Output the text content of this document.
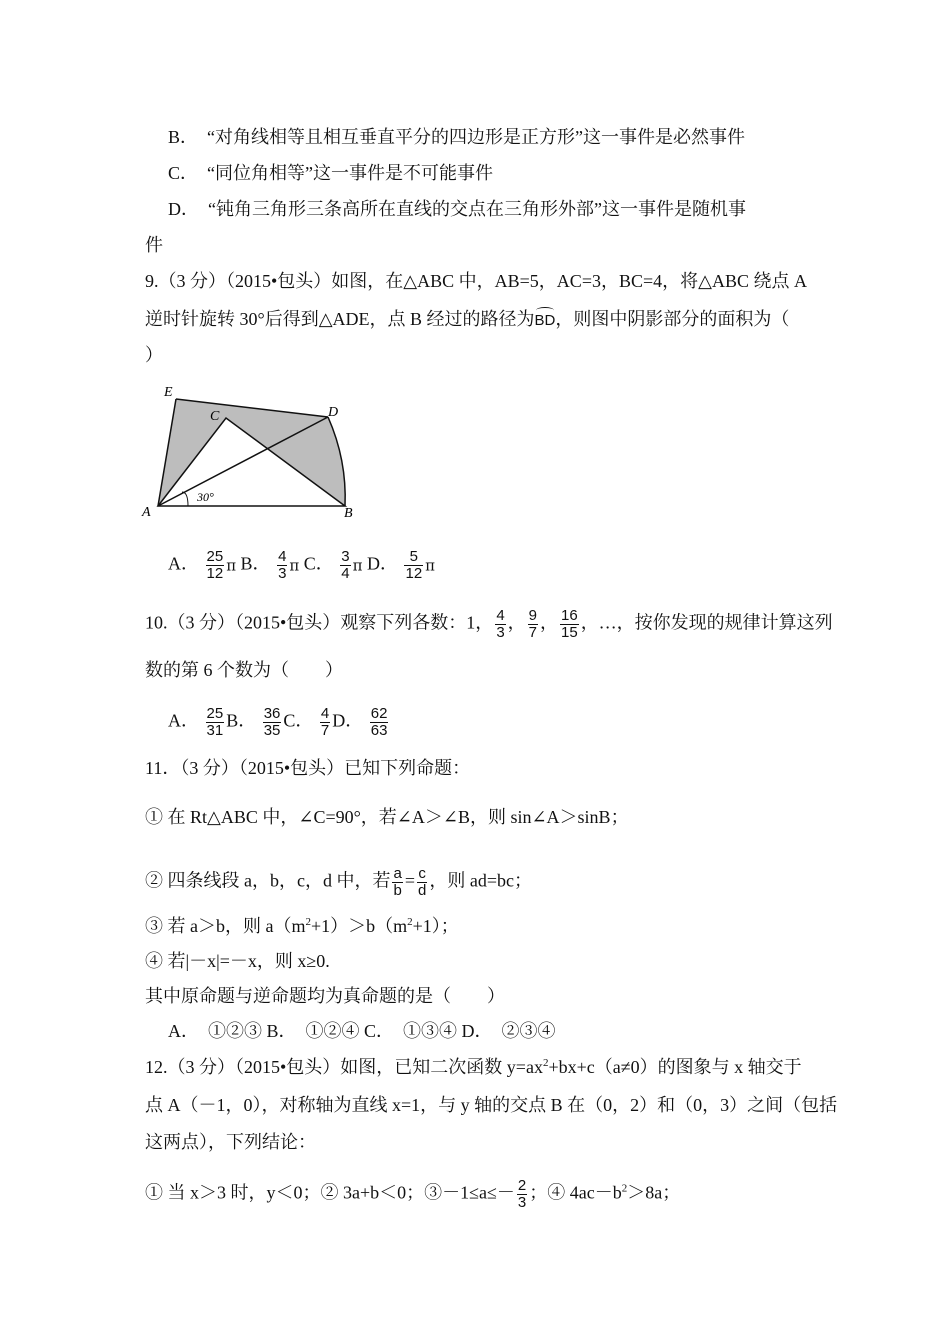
B．　“对角线相等且相互垂直平分的四边形是正方形”这一事件是必然事件
C．　“同位角相等”这一事件是不可能事件
D．　“钝角三角形三条高所在直线的交点在三角形外部”这一事件是随机事
件
9.（3 分）（2015•包头）如图，在△ABC 中，AB=5，AC=3，BC=4，将△ABC 绕点 A
逆时针旋转 30°后得到△ADE，点 B 经过的路径为BD，则图中阴影部分的面积为（
）
E
C	D
A	B
30°
A． $\frac{25}{12}$ π B． $\frac{4}{3}$ π C． $\frac{3}{4}$ π D． $\frac{5}{12}$ π
10.（3 分）（2015•包头）观察下列各数：1， $\frac{4}{3}$ ， $\frac{9}{7}$ ， $\frac{16}{15}$ ，…，按你发现的规律计算这列
数的第 6 个数为（　　）
A． $\frac{25}{31}$ B． $\frac{36}{35}$ C． $\frac{4}{7}$ D． $\frac{62}{63}$
11．（3 分）（2015•包头）已知下列命题：
① 在 Rt△ABC 中，∠C=90°，若∠A＞∠B，则 sin∠A＞sinB；
② 四条线段 a，b，c，d 中，若 $\frac{a}{b} = \frac{c}{d}$ ，则 ad=bc；
③ 若 a＞b，则 $a(m^2+1)>b(m^2+1)$；
④ 若|－x|=－x，则 x≥0.
其中原命题与逆命题均为真命题的是（　　）
A．　①②③ B．　①②④ C．　①③④ D．　②③④
12.（3 分）（2015•包头）如图，已知二次函数 $y=ax^2+bx+c(a\ne 0)$的图象与 x 轴交于
点 A（－1，0），对称轴为直线 x=1，与 y 轴的交点 B 在（0，2）和（0，3）之间（包括
这两点），下列结论：
① 当 x＞3 时，y＜0；② 3a+b＜0；③－1≤a≤－ $\frac{2}{3}$ ；④ $4ac-b^2>8a$；
